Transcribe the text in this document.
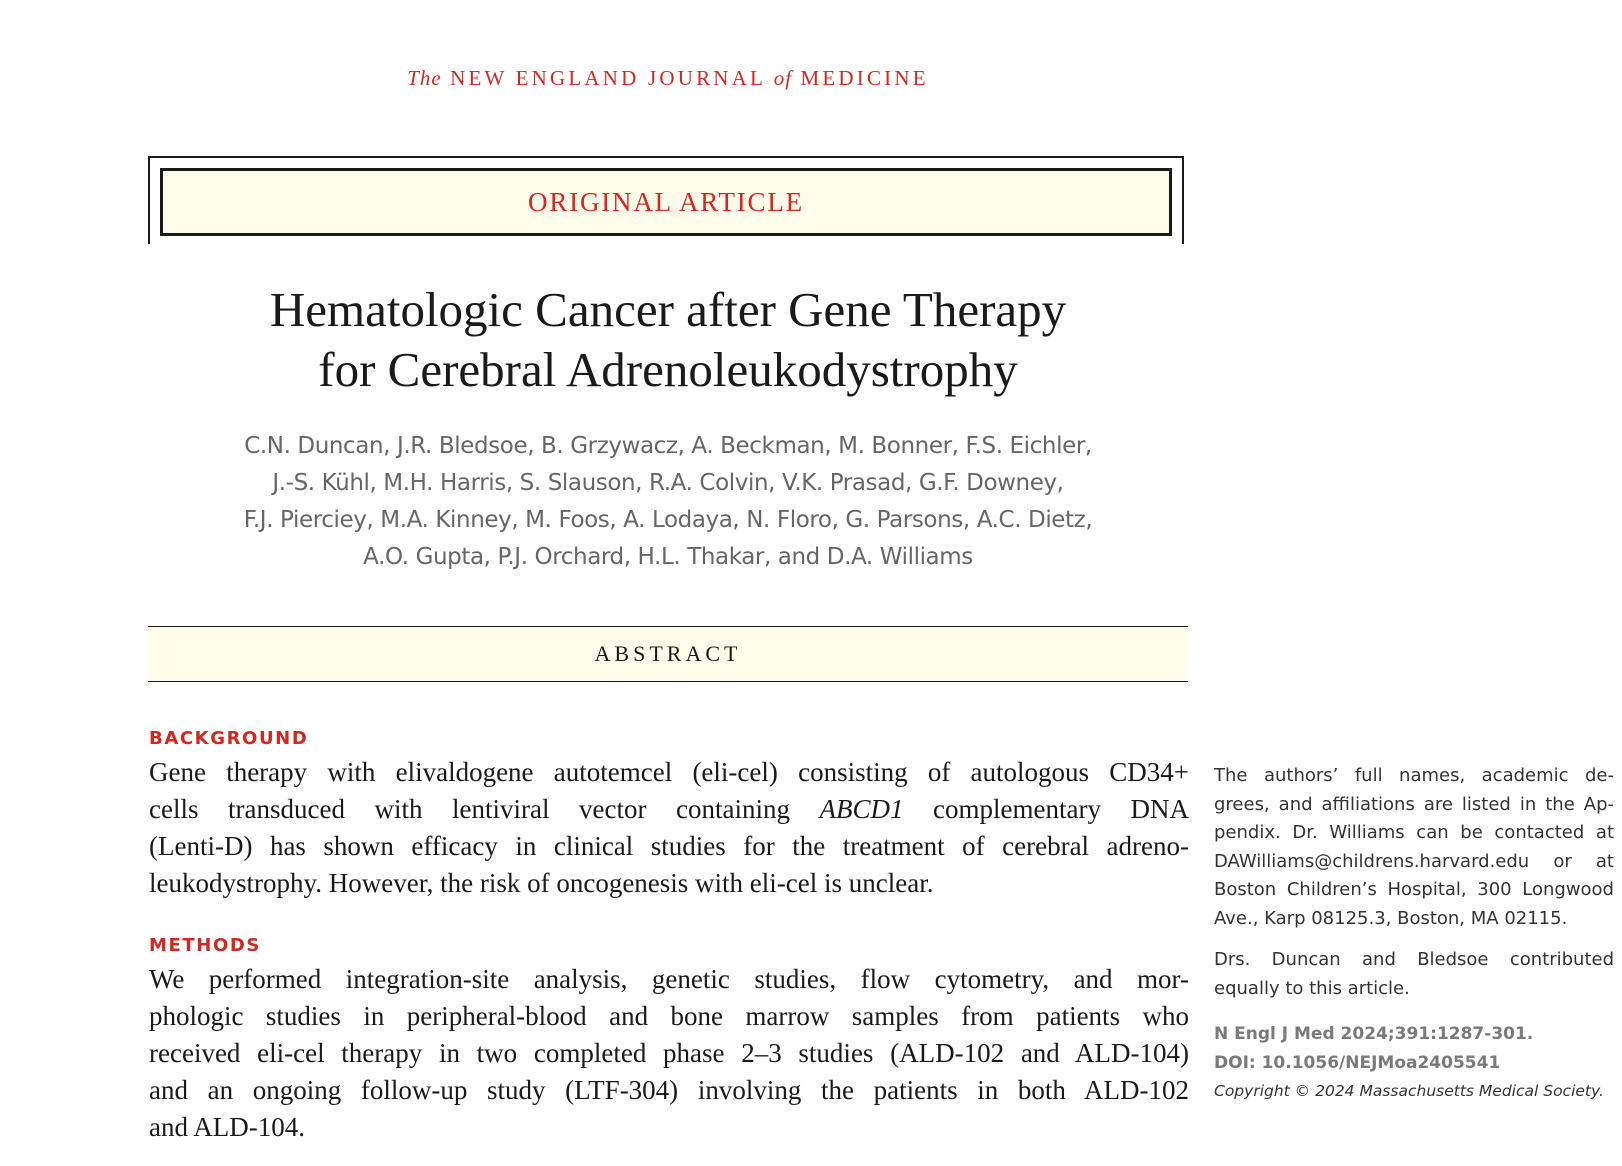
The NEW ENGLAND JOURNAL of MEDICINE
ORIGINAL ARTICLE
Hematologic Cancer after Gene Therapy
for Cerebral Adrenoleukodystrophy
C.N. Duncan, J.R. Bledsoe, B. Grzywacz, A. Beckman, M. Bonner, F.S. Eichler,
J.-S. Kühl, M.H. Harris, S. Slauson, R.A. Colvin, V.K. Prasad, G.F. Downey,
F.J. Pierciey, M.A. Kinney, M. Foos, A. Lodaya, N. Floro, G. Parsons, A.C. Dietz,
A.O. Gupta, P.J. Orchard, H.L. Thakar, and D.A. Williams
ABSTRACT
BACKGROUND
Gene therapy with elivaldogene autotemcel (eli-cel) consisting of autologous CD34+
cells transduced with lentiviral vector containing ABCD1 complementary DNA
(Lenti-D) has shown efficacy in clinical studies for the treatment of cerebral adreno-
leukodystrophy. However, the risk of oncogenesis with eli-cel is unclear.
METHODS
We performed integration-site analysis, genetic studies, flow cytometry, and mor-
phologic studies in peripheral-blood and bone marrow samples from patients who
received eli-cel therapy in two completed phase 2–3 studies (ALD-102 and ALD-104)
and an ongoing follow-up study (LTF-304) involving the patients in both ALD-102
and ALD-104.
The authors’ full names, academic de-
grees, and affiliations are listed in the Ap-
pendix. Dr. Williams can be contacted at
DAWilliams@childrens.harvard.edu or at
Boston Children’s Hospital, 300 Longwood
Ave., Karp 08125.3, Boston, MA 02115.
Drs. Duncan and Bledsoe contributed
equally to this article.
N Engl J Med 2024;391:1287-301.
DOI: 10.1056/NEJMoa2405541
Copyright © 2024 Massachusetts Medical Society.
